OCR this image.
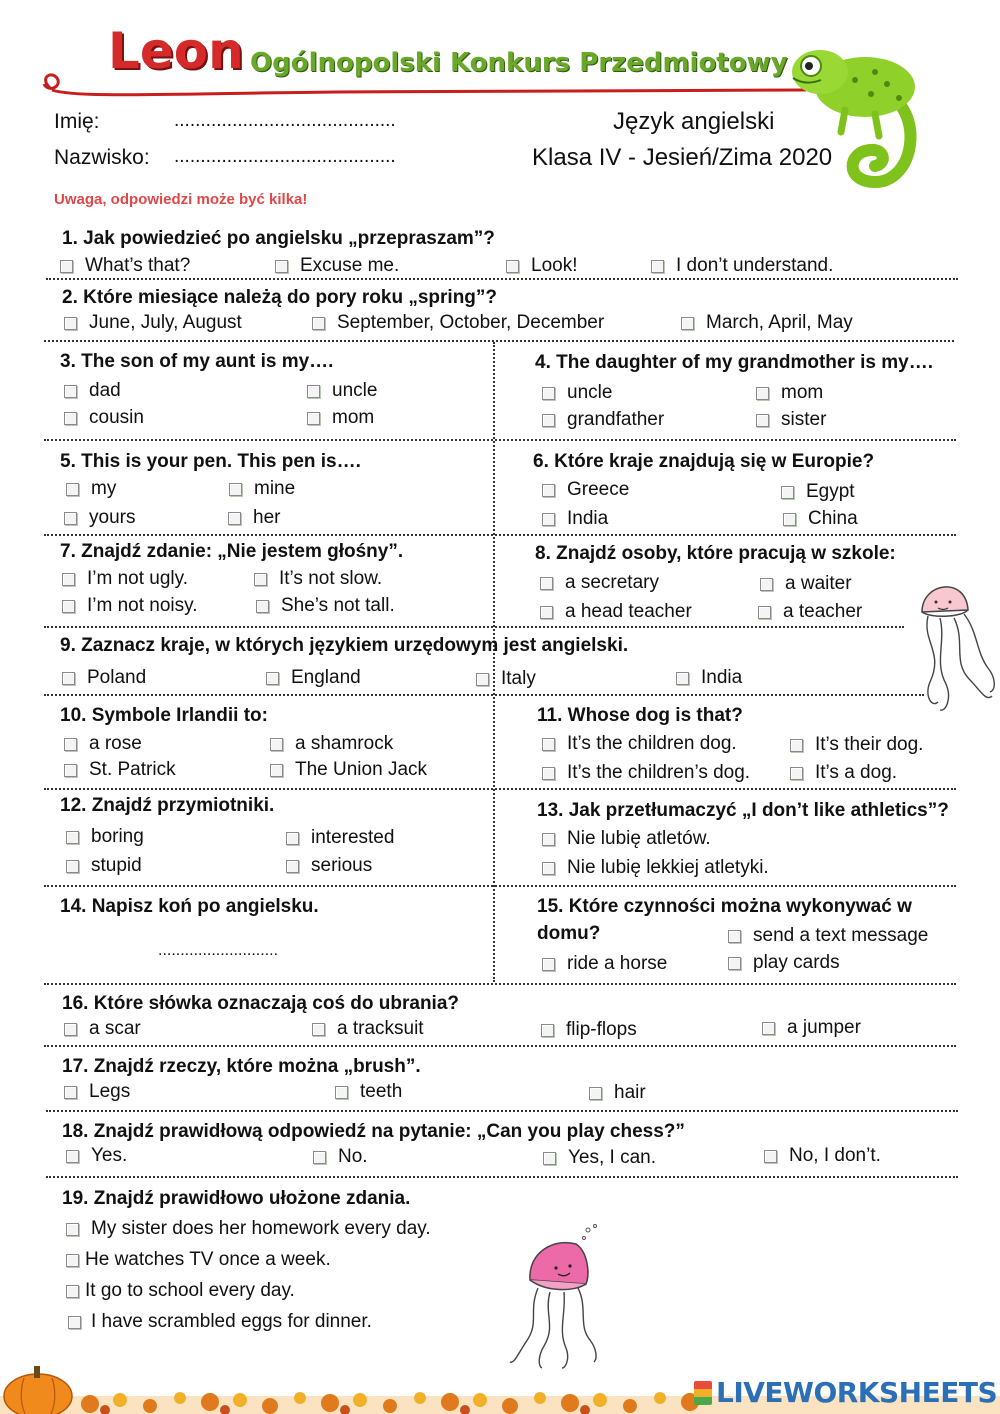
Leon Ogólnopolski Konkurs Przedmiotowy
Imię:	..........................................
Nazwisko: ..........................................
Język angielski
Klasa IV - Jesień/Zima 2020
Uwaga, odpowiedzi może być kilka!
1. Jak powiedzieć po angielsku „przepraszam”?
What’s that?	Excuse me.	Look!	I don’t understand.
2. Które miesiące należą do pory roku „spring”?
June, July, August	September, October, December	March, April, May
3. The son of my aunt is my….
dad	uncle
cousin	mom
4. The daughter of my grandmother is my….
uncle	mom
grandfather	sister
5. This is your pen. This pen is….
my	mine
yours	her
6. Które kraje znajdują się w Europie?
Greece	Egypt
India	China
7. Znajdź zdanie: „Nie jestem głośny”.
I’m not ugly.	It’s not slow.
I’m not noisy.	She’s not tall.
8. Znajdź osoby, które pracują w szkole:
a secretary	a waiter
a head teacher	a teacher
9. Zaznacz kraje, w których językiem urzędowym jest angielski.
Poland	England	Italy	India
10. Symbole Irlandii to:
a rose	a shamrock
St. Patrick	The Union Jack
11. Whose dog is that?
It’s the children dog.	It’s their dog.
It’s the children’s dog.	It’s a dog.
12. Znajdź przymiotniki.
boring	interested
stupid	serious
13. Jak przetłumaczyć „I don’t like athletics”?
Nie lubię atletów.
Nie lubię lekkiej atletyki.
14. Napisz koń po angielsku.
...........................
15. Które czynności można wykonywać w
domu?	send a text message
play cards
ride a horse
16. Które słówka oznaczają coś do ubrania?
a scar	a tracksuit	flip-flops	a jumper
17. Znajdź rzeczy, które można „brush”.
Legs	teeth	hair
18. Znajdź prawidłową odpowiedź na pytanie: „Can you play chess?”
Yes.	No.	Yes, I can.	No, I don’t.
19. Znajdź prawidłowo ułożone zdania.
My sister does her homework every day.
He watches TV once a week.
It go to school every day.
I have scrambled eggs for dinner.
LIVEWORKSHEETS
